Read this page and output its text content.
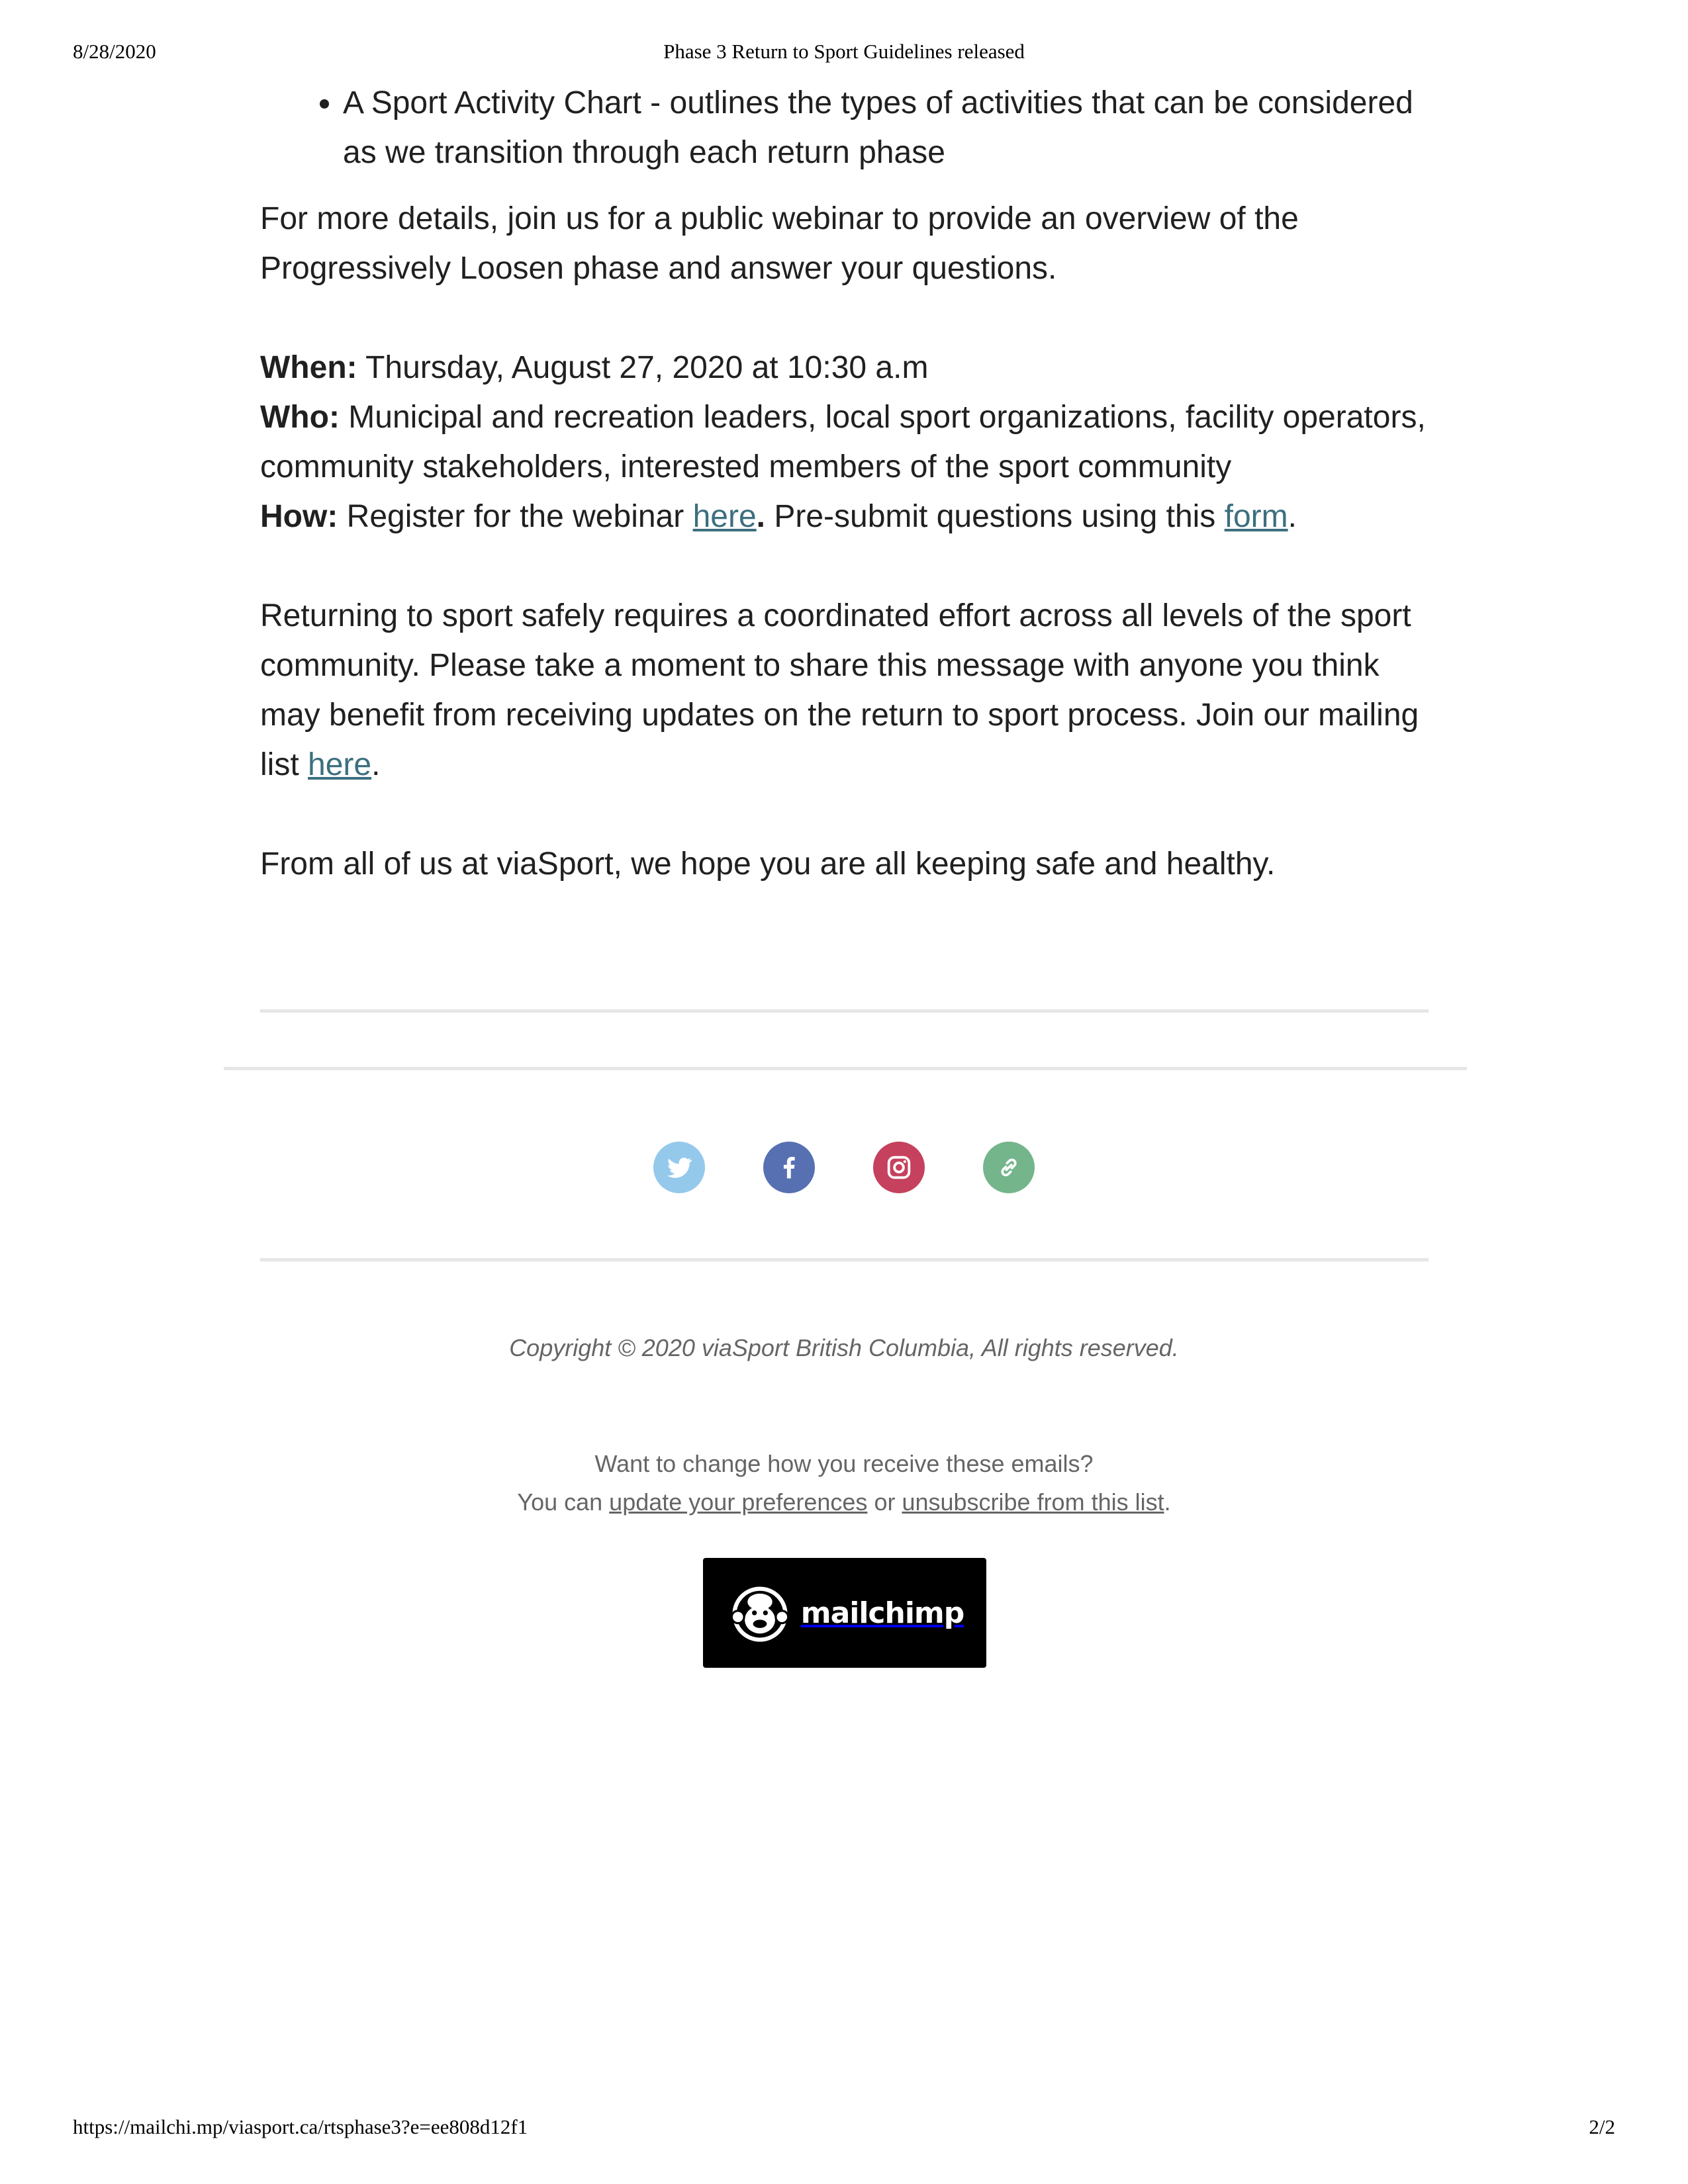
8/28/2020	Phase 3 Return to Sport Guidelines released
• A Sport Activity Chart - outlines the types of activities that can be considered as we transition through each return phase

For more details, join us for a public webinar to provide an overview of the Progressively Loosen phase and answer your questions.

When: Thursday, August 27, 2020 at 10:30 a.m

Who: Municipal and recreation leaders, local sport organizations, facility operators, community stakeholders, interested members of the sport community

How: Register for the webinar here. Pre-submit questions using this form.

Returning to sport safely requires a coordinated effort across all levels of the sport community. Please take a moment to share this message with anyone you think may benefit from receiving updates on the return to sport process. Join our mailing list here.

From all of us at viaSport, we hope you are all keeping safe and healthy.

Copyright © 2020 viaSport British Columbia, All rights reserved.
Want to change how you receive these emails?
You can update your preferences or unsubscribe from this list.
mailchimp
https://mailchi.mp/viasport.ca/rtsphase3?e=ee808d12f1	2/2
